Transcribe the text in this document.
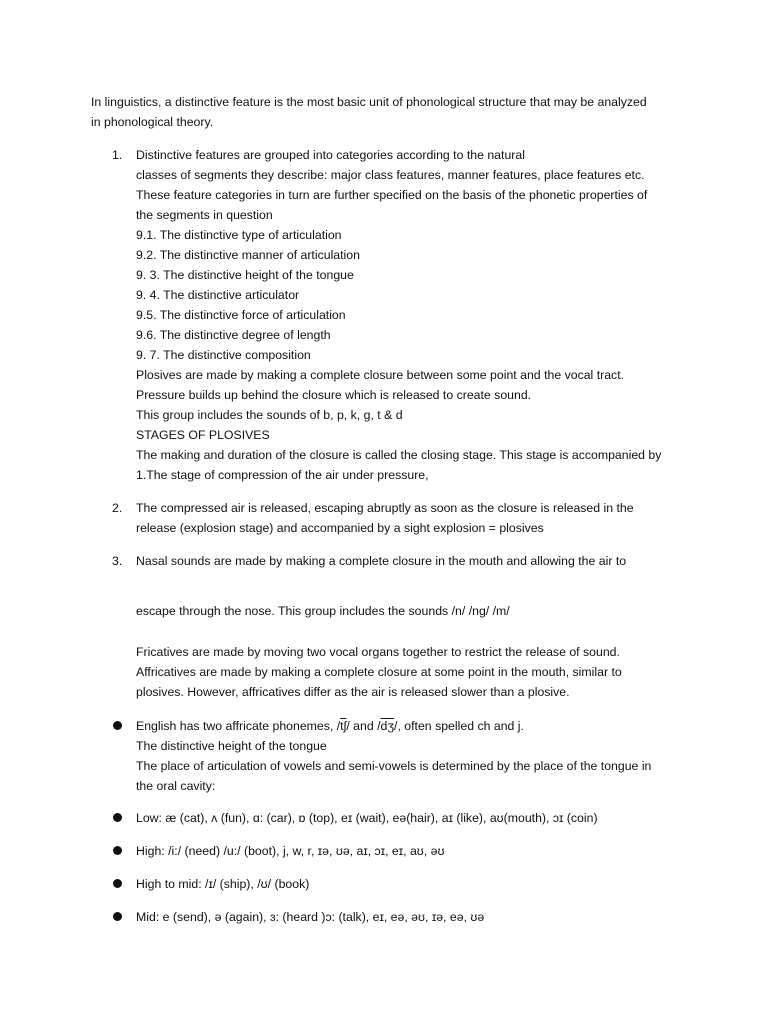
In linguistics, a distinctive feature is the most basic unit of phonological structure that may be analyzed
in phonological theory.
1. Distinctive features are grouped into categories according to the natural
classes of segments they describe: major class features, manner features, place features etc.
These feature categories in turn are further specified on the basis of the phonetic properties of
the segments in question
9.1. The distinctive type of articulation
9.2. The distinctive manner of articulation
9. 3. The distinctive height of the tongue
9. 4. The distinctive articulator
9.5. The distinctive force of articulation
9.6. The distinctive degree of length
9. 7. The distinctive composition
Plosives are made by making a complete closure between some point and the vocal tract.
Pressure builds up behind the closure which is released to create sound.
This group includes the sounds of b, p, k, g, t & d
STAGES OF PLOSIVES
The making and duration of the closure is called the closing stage. This stage is accompanied by
1.The stage of compression of the air under pressure,
2. The compressed air is released, escaping abruptly as soon as the closure is released in the
release (explosion stage) and accompanied by a sight explosion = plosives
3. Nasal sounds are made by making a complete closure in the mouth and allowing the air to
escape through the nose. This group includes the sounds /n/ /ng/ /m/
Fricatives are made by moving two vocal organs together to restrict the release of sound.
Affricatives are made by making a complete closure at some point in the mouth, similar to
plosives. However, affricatives differ as the air is released slower than a plosive.
English has two affricate phonemes, $/\overline{tʃ}/$ and $/\overline{dʒ}/$, often spelled ch and j.
The distinctive height of the tongue
The place of articulation of vowels and semi-vowels is determined by the place of the tongue in
the oral cavity:
Low: æ (cat), ʌ (fun), ɑ: (car), ɒ (top), eɪ (wait), eə(hair), aɪ (like), aʊ(mouth), ɔɪ (coin)
High: /i:/ (need) /u:/ (boot), j, w, r, ɪə, ʊə, aɪ, ɔɪ, eɪ, aʊ, əʊ
High to mid: /ɪ/ (ship), /ʊ/ (book)
Mid: e (send), ə (again), ɜ: (heard )ɔ: (talk), eɪ, eə, əʊ, ɪə, eə, ʊə
